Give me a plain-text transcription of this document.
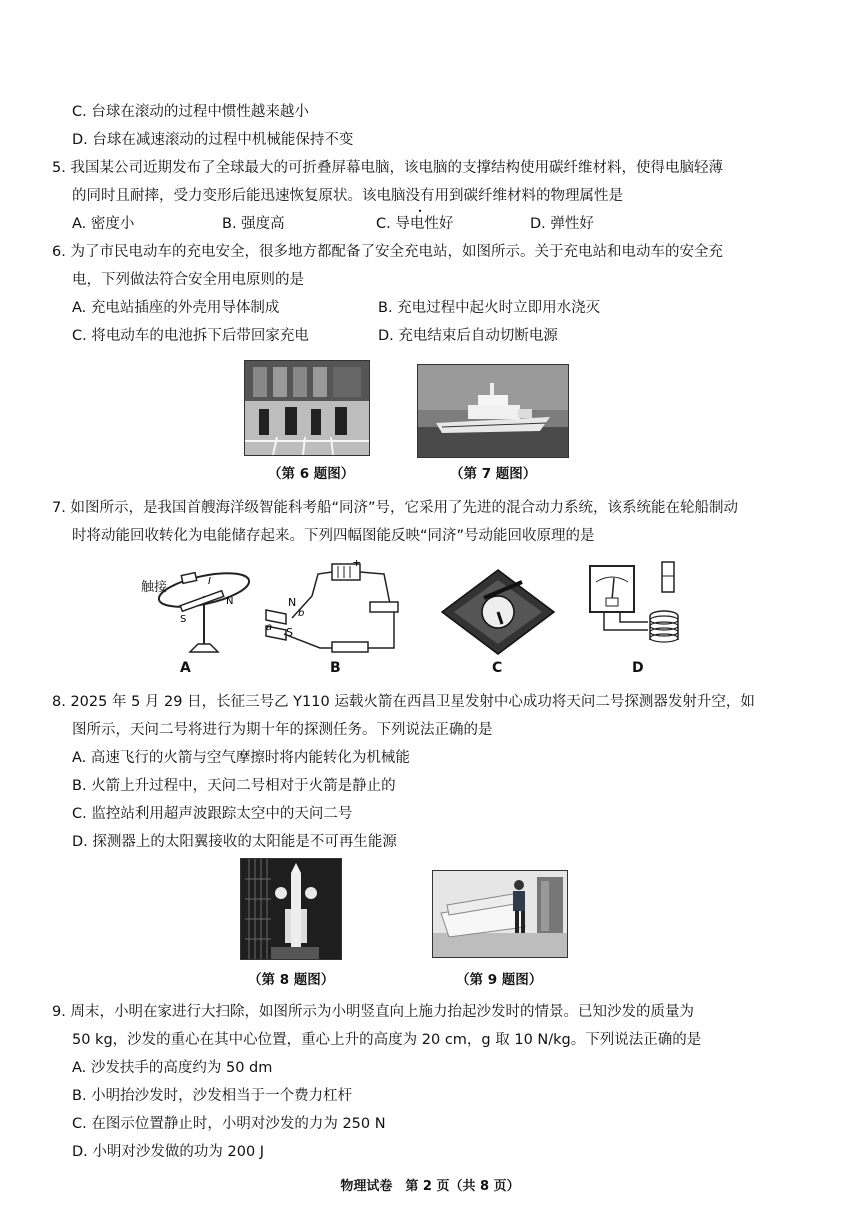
C. 台球在滚动的过程中惯性越来越小
D. 台球在减速滚动的过程中机械能保持不变
5. 我国某公司近期发布了全球最大的可折叠屏幕电脑，该电脑的支撑结构使用碳纤维材料，使得电脑轻薄
的同时且耐摔，受力变形后能迅速恢复原状。该电脑没有用到碳纤维材料的物理属性是
A. 密度小	B. 强度高	C. 导电性好	D. 弹性好
6. 为了市民电动车的充电安全，很多地方都配备了安全充电站，如图所示。关于充电站和电动车的安全充
电，下列做法符合安全用电原则的是
A. 充电站插座的外壳用导体制成	B. 充电过程中起火时立即用水浇灭
C. 将电动车的电池拆下后带回家充电	D. 充电结束后自动切断电源
（第 6 题图）	（第 7 题图）
7. 如图所示，是我国首艘海洋级智能科考船“同济”号，它采用了先进的混合动力系统，该系统能在轮船制动
时将动能回收转化为电能储存起来。下列四幅图能反映“同济”号动能回收原理的是
S
N
I
触接
+
N
b
a S
A	B	C	D
8. 2025 年 5 月 29 日，长征三号乙 Y110 运载火箭在西昌卫星发射中心成功将天问二号探测器发射升空，如
图所示，天问二号将进行为期十年的探测任务。下列说法正确的是
A. 高速飞行的火箭与空气摩擦时将内能转化为机械能
B. 火箭上升过程中，天问二号相对于火箭是静止的
C. 监控站利用超声波跟踪太空中的天问二号
D. 探测器上的太阳翼接收的太阳能是不可再生能源
（第 8 题图）	（第 9 题图）
9. 周末，小明在家进行大扫除，如图所示为小明竖直向上施力抬起沙发时的情景。已知沙发的质量为
50 kg，沙发的重心在其中心位置，重心上升的高度为 20 cm，g 取 10 N/kg。下列说法正确的是
A. 沙发扶手的高度约为 50 dm
B. 小明抬沙发时，沙发相当于一个费力杠杆
C. 在图示位置静止时，小明对沙发的力为 250 N
D. 小明对沙发做的功为 200 J
物理试卷　第 2 页（共 8 页）
